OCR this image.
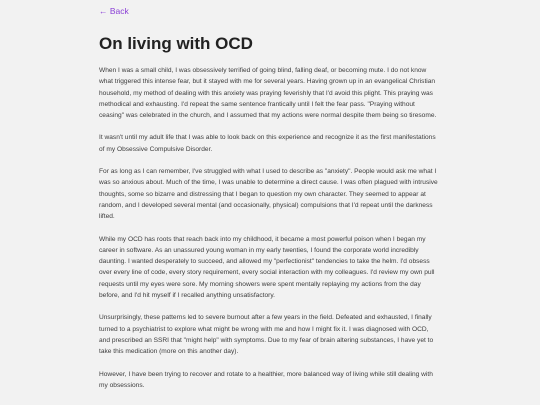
← Back
On living with OCD

When I was a small child, I was obsessively terrified of going blind, falling deaf, or becoming mute. I do not know what triggered this intense fear, but it stayed with me for several years. Having grown up in an evangelical Christian household, my method of dealing with this anxiety was praying feverishly that I'd avoid this plight. This praying was methodical and exhausting. I'd repeat the same sentence frantically until I felt the fear pass. "Praying without ceasing" was celebrated in the church, and I assumed that my actions were normal despite them being so tiresome.

It wasn't until my adult life that I was able to look back on this experience and recognize it as the first manifestations of my Obsessive Compulsive Disorder.

For as long as I can remember, I've struggled with what I used to describe as "anxiety". People would ask me what I was so anxious about. Much of the time, I was unable to determine a direct cause. I was often plagued with intrusive thoughts, some so bizarre and distressing that I began to question my own character. They seemed to appear at random, and I developed several mental (and occasionally, physical) compulsions that I'd repeat until the darkness lifted.

While my OCD has roots that reach back into my childhood, it became a most powerful poison when I began my career in software. As an unassured young woman in my early twenties, I found the corporate world incredibly daunting. I wanted desperately to succeed, and allowed my "perfectionist" tendencies to take the helm. I'd obsess over every line of code, every story requirement, every social interaction with my colleagues. I'd review my own pull requests until my eyes were sore. My morning showers were spent mentally replaying my actions from the day before, and I'd hit myself if I recalled anything unsatisfactory.

Unsurprisingly, these patterns led to severe burnout after a few years in the field. Defeated and exhausted, I finally turned to a psychiatrist to explore what might be wrong with me and how I might fix it. I was diagnosed with OCD, and prescribed an SSRI that "might help" with symptoms. Due to my fear of brain altering substances, I have yet to take this medication (more on this another day).

However, I have been trying to recover and rotate to a healthier, more balanced way of living while still dealing with my obsessions.
